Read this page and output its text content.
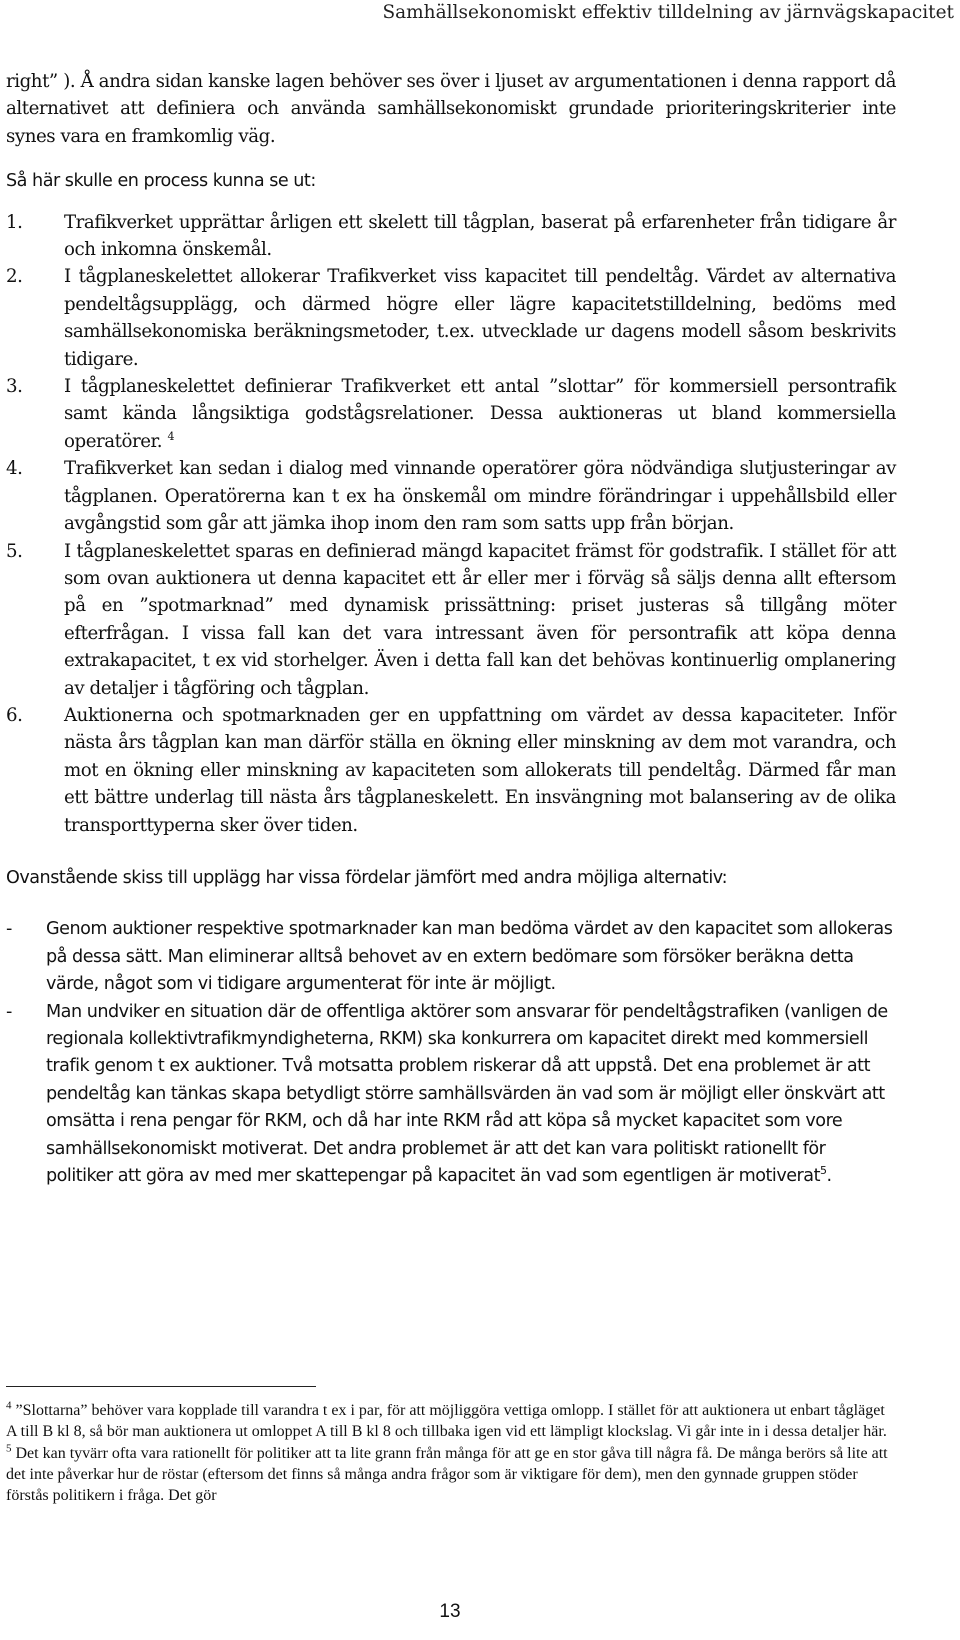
Samhällsekonomiskt effektiv tilldelning av järnvägskapacitet

right” ). Å andra sidan kanske lagen behöver ses över i ljuset av argumentationen i denna rapport då alternativet att definiera och använda samhällsekonomiskt grundade prioriteringskriterier inte synes vara en framkomlig väg.

Så här skulle en process kunna se ut:

1. Trafikverket upprättar årligen ett skelett till tågplan, baserat på erfarenheter från tidigare år och inkomna önskemål.
2. I tågplaneskelettet allokerar Trafikverket viss kapacitet till pendeltåg. Värdet av alternativa pendeltågsupplägg, och därmed högre eller lägre kapacitetstilldelning, bedöms med samhällsekonomiska beräkningsmetoder, t.ex. utvecklade ur dagens modell såsom beskrivits tidigare.
3. I tågplaneskelettet definierar Trafikverket ett antal ”slottar” för kommersiell persontrafik samt kända långsiktiga godstågsrelationer. Dessa auktioneras ut bland kommersiella operatörer. $^4$
4. Trafikverket kan sedan i dialog med vinnande operatörer göra nödvändiga slutjusteringar av tågplanen. Operatörerna kan t ex ha önskemål om mindre förändringar i uppehållsbild eller avgångstid som går att jämka ihop inom den ram som satts upp från början.
5. I tågplaneskelettet sparas en definierad mängd kapacitet främst för godstrafik. I stället för att som ovan auktionera ut denna kapacitet ett år eller mer i förväg så säljs denna allt eftersom på en ”spotmarknad” med dynamisk prissättning: priset justeras så tillgång möter efterfrågan. I vissa fall kan det vara intressant även för persontrafik att köpa denna extrakapacitet, t ex vid storhelger. Även i detta fall kan det behövas kontinuerlig omplanering av detaljer i tågföring och tågplan.
6. Auktionerna och spotmarknaden ger en uppfattning om värdet av dessa kapaciteter. Inför nästa års tågplan kan man därför ställa en ökning eller minskning av dem mot varandra, och mot en ökning eller minskning av kapaciteten som allokerats till pendeltåg. Därmed får man ett bättre underlag till nästa års tågplaneskelett. En insvängning mot balansering av de olika transporttyperna sker över tiden.

Ovanstående skiss till upplägg har vissa fördelar jämfört med andra möjliga alternativ:

- Genom auktioner respektive spotmarknader kan man bedöma värdet av den kapacitet som allokeras på dessa sätt. Man eliminerar alltså behovet av en extern bedömare som försöker beräkna detta värde, något som vi tidigare argumenterat för inte är möjligt.
- Man undviker en situation där de offentliga aktörer som ansvarar för pendeltågstrafiken (vanligen de regionala kollektivtrafikmyndigheterna, RKM) ska konkurrera om kapacitet direkt med kommersiell trafik genom t ex auktioner. Två motsatta problem riskerar då att uppstå. Det ena problemet är att pendeltåg kan tänkas skapa betydligt större samhällsvärden än vad som är möjligt eller önskvärt att omsätta i rena pengar för RKM, och då har inte RKM råd att köpa så mycket kapacitet som vore samhällsekonomiskt motiverat. Det andra problemet är att det kan vara politiskt rationellt för politiker att göra av med mer skattepengar på kapacitet än vad som egentligen är motiverat$^5$.

$^4$ ”Slottarna” behöver vara kopplade till varandra t ex i par, för att möjliggöra vettiga omlopp. I stället för att auktionera ut enbart tågläget A till B kl 8, så bör man auktionera ut omloppet A till B kl 8 och tillbaka igen vid ett lämpligt klockslag. Vi går inte in i dessa detaljer här.

$^5$ Det kan tyvärr ofta vara rationellt för politiker att ta lite grann från många för att ge en stor gåva till några få. De många berörs så lite att det inte påverkar hur de röstar (eftersom det finns så många andra frågor som är viktigare för dem), men den gynnade gruppen stöder förstås politikern i fråga. Det gör

13
